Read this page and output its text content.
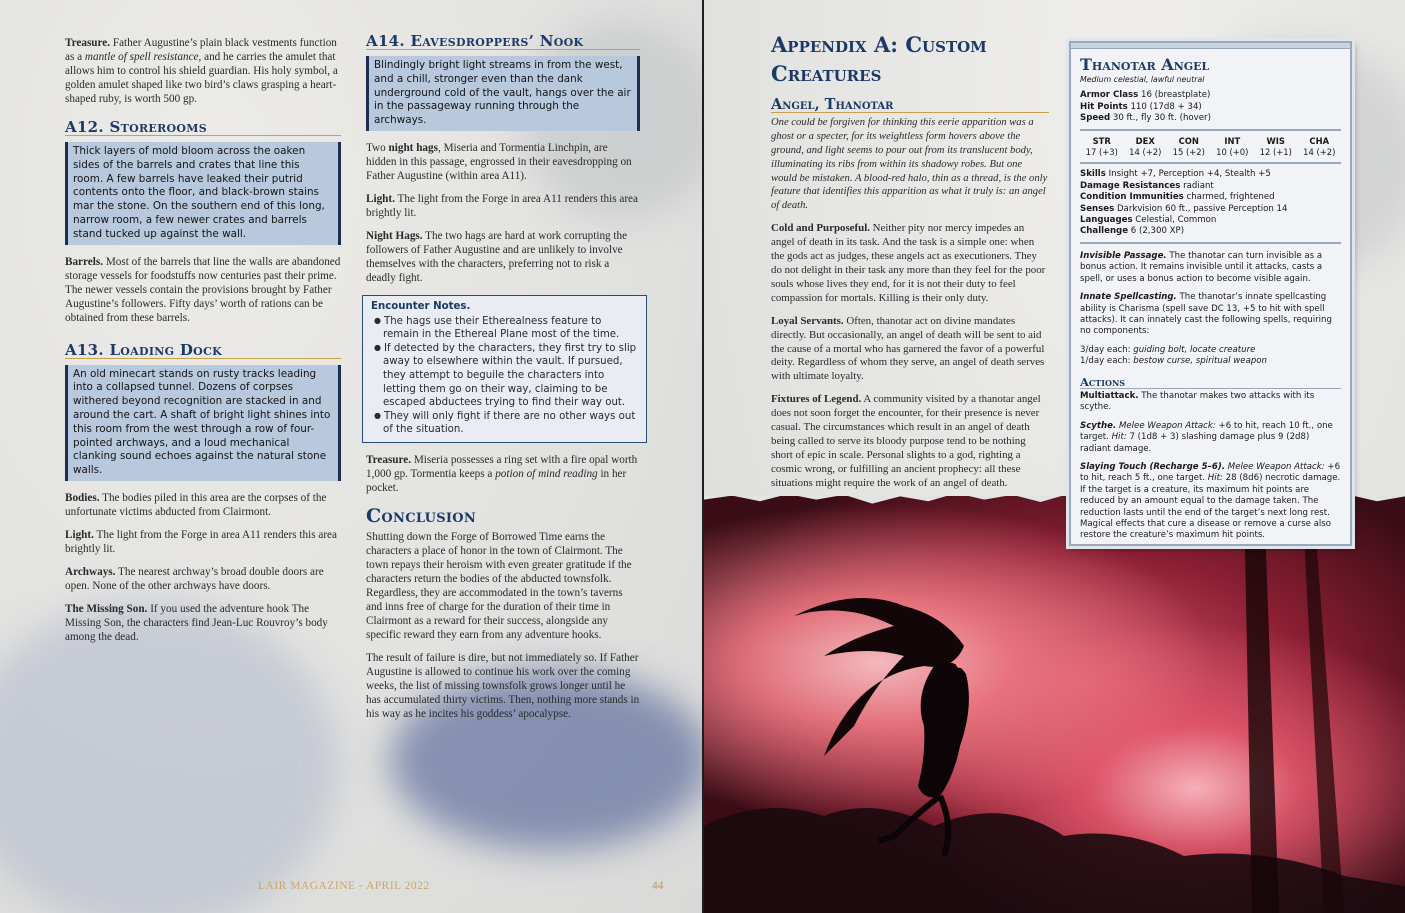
Treasure. Father Augustine’s plain black vestments function as a mantle of spell resistance, and he carries the amulet that allows him to control his shield guardian. His holy symbol, a golden amulet shaped like two bird’s claws grasping a heart-shaped ruby, is worth 500 gp.

A12. Storerooms
Thick layers of mold bloom across the oaken sides of the barrels and crates that line this room. A few barrels have leaked their putrid contents onto the floor, and black-brown stains mar the stone. On the southern end of this long, narrow room, a few newer crates and barrels stand tucked up against the wall.

Barrels. Most of the barrels that line the walls are abandoned storage vessels for foodstuffs now centuries past their prime. The newer vessels contain the provisions brought by Father Augustine’s followers. Fifty days’ worth of rations can be obtained from these barrels.

A13. Loading Dock
An old minecart stands on rusty tracks leading into a collapsed tunnel. Dozens of corpses withered beyond recognition are stacked in and around the cart. A shaft of bright light shines into this room from the west through a row of four-pointed archways, and a loud mechanical clanking sound echoes against the natural stone walls.

Bodies. The bodies piled in this area are the corpses of the unfortunate victims abducted from Clairmont.

Light. The light from the Forge in area A11 renders this area brightly lit.

Archways. The nearest archway’s broad double doors are open. None of the other archways have doors.

The Missing Son. If you used the adventure hook The Missing Son, the characters find Jean-Luc Rouvroy’s body among the dead.

A14. Eavesdroppers’ Nook
Blindingly bright light streams in from the west, and a chill, stronger even than the dank underground cold of the vault, hangs over the air in the passageway running through the archways.

Two night hags, Miseria and Tormentia Linchpin, are hidden in this passage, engrossed in their eavesdropping on Father Augustine (within area A11).

Light. The light from the Forge in area A11 renders this area brightly lit.

Night Hags. The two hags are hard at work corrupting the followers of Father Augustine and are unlikely to involve themselves with the characters, preferring not to risk a deadly fight.

Encounter Notes.
● The hags use their Etherealness feature to remain in the Ethereal Plane most of the time.
● If detected by the characters, they first try to slip away to elsewhere within the vault. If pursued, they attempt to beguile the characters into letting them go on their way, claiming to be escaped abductees trying to find their way out.
● They will only fight if there are no other ways out of the situation.

Treasure. Miseria possesses a ring set with a fire opal worth 1,000 gp. Tormentia keeps a potion of mind reading in her pocket.

Conclusion

Shutting down the Forge of Borrowed Time earns the characters a place of honor in the town of Clairmont. The town repays their heroism with even greater gratitude if the characters return the bodies of the abducted townsfolk. Regardless, they are accommodated in the town’s taverns and inns free of charge for the duration of their time in Clairmont as a reward for their success, alongside any specific reward they earn from any adventure hooks.

The result of failure is dire, but not immediately so. If Father Augustine is allowed to continue his work over the coming weeks, the list of missing townsfolk grows longer until he has accumulated thirty victims. Then, nothing more stands in his way as he incites his goddess’ apocalypse.

LAIR MAGAZINE - APRIL 2022	44
Appendix A: Custom Creatures
Angel, Thanotar

One could be forgiven for thinking this eerie apparition was a ghost or a specter, for its weightless form hovers above the ground, and light seems to pour out from its translucent body, illuminating its ribs from within its shadowy robes. But one would be mistaken. A blood-red halo, thin as a thread, is the only feature that identifies this apparition as what it truly is: an angel of death.

Cold and Purposeful. Neither pity nor mercy impedes an angel of death in its task. And the task is a simple one: when the gods act as judges, these angels act as executioners. They do not delight in their task any more than they feel for the poor souls whose lives they end, for it is not their duty to feel compassion for mortals. Killing is their only duty.

Loyal Servants. Often, thanotar act on divine mandates directly. But occasionally, an angel of death will be sent to aid the cause of a mortal who has garnered the favor of a powerful deity. Regardless of whom they serve, an angel of death serves with ultimate loyalty.

Fixtures of Legend. A community visited by a thanotar angel does not soon forget the encounter, for their presence is never casual. The circumstances which result in an angel of death being called to serve its bloody purpose tend to be nothing short of epic in scale. Personal slights to a god, righting a cosmic wrong, or fulfilling an ancient prophecy: all these situations might require the work of an angel of death.

Thanotar Angel
Medium celestial, lawful neutral
Armor Class 16 (breastplate)
Hit Points 110 (17d8 + 34)
Speed 30 ft., fly 30 ft. (hover)
STR	DEX	CON	INT	WIS	CHA
17 (+3)	14 (+2)	15 (+2)	10 (+0)	12 (+1)	14 (+2)
Skills Insight +7, Perception +4, Stealth +5
Damage Resistances radiant
Condition Immunities charmed, frightened
Senses Darkvision 60 ft., passive Perception 14
Languages Celestial, Common
Challenge 6 (2,300 XP)
Invisible Passage. The thanotar can turn invisible as a bonus action. It remains invisible until it attacks, casts a spell, or uses a bonus action to become visible again.
Innate Spellcasting. The thanotar’s innate spellcasting ability is Charisma (spell save DC 13, +5 to hit with spell attacks). It can innately cast the following spells, requiring no components:
3/day each: guiding bolt, locate creature
1/day each: bestow curse, spiritual weapon
Actions
Multiattack. The thanotar makes two attacks with its scythe.
Scythe. Melee Weapon Attack: +6 to hit, reach 10 ft., one target. Hit: 7 (1d8 + 3) slashing damage plus 9 (2d8) radiant damage.
Slaying Touch (Recharge 5–6). Melee Weapon Attack: +6 to hit, reach 5 ft., one target. Hit: 28 (8d6) necrotic damage. If the target is a creature, its maximum hit points are reduced by an amount equal to the damage taken. The reduction lasts until the end of the target’s next long rest. Magical effects that cure a disease or remove a curse also restore the creature’s maximum hit points.
